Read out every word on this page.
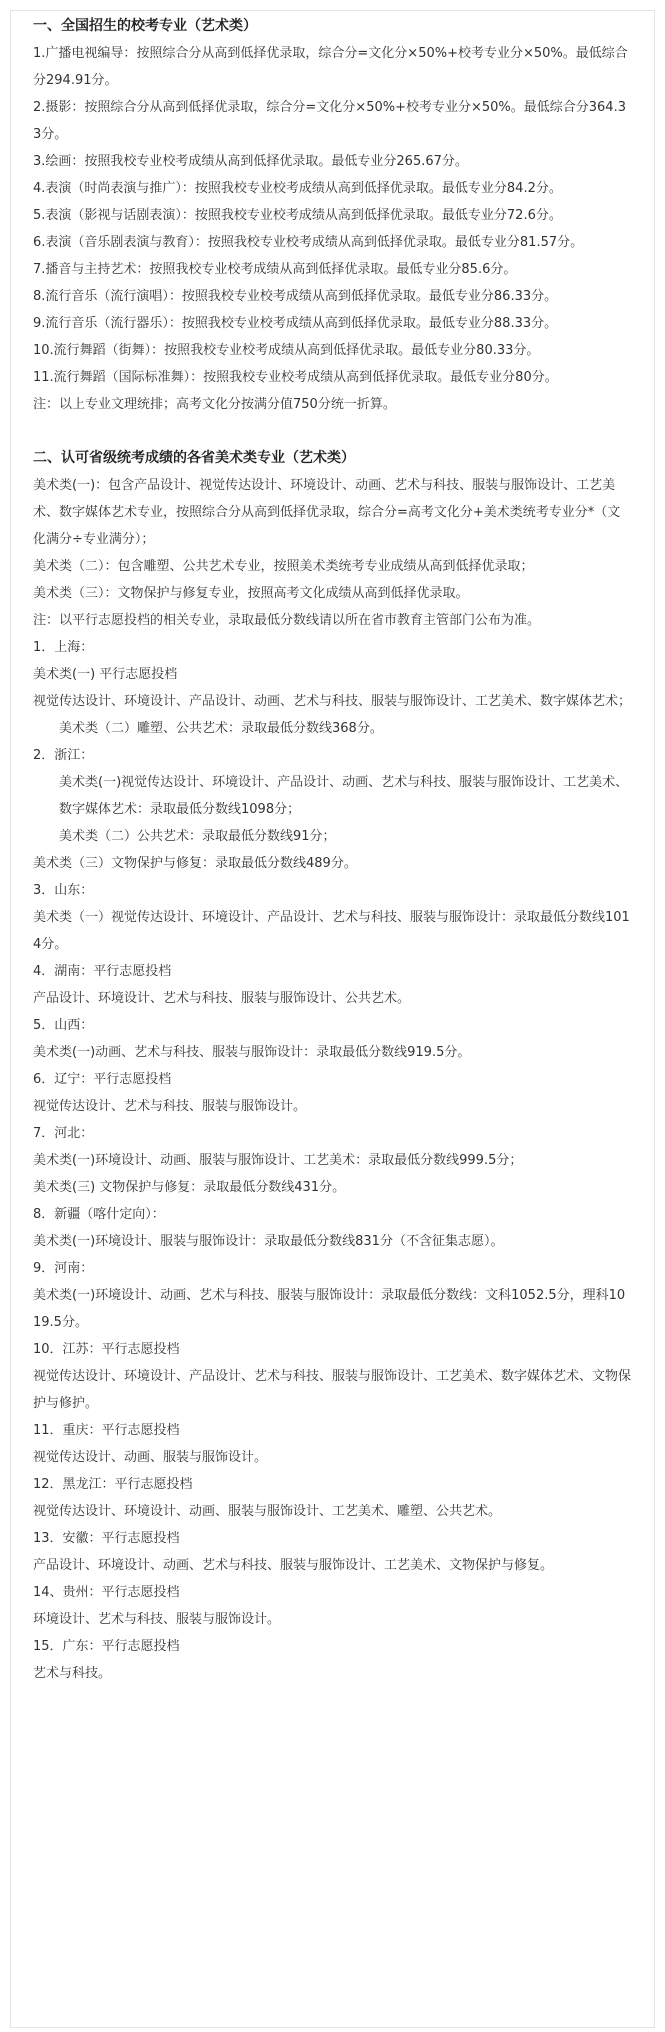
一、全国招生的校考专业（艺术类）

1.广播电视编导：按照综合分从高到低择优录取，综合分=文化分×50%+校考专业分×50%。最低综合分294.91分。

2.摄影：按照综合分从高到低择优录取，综合分=文化分×50%+校考专业分×50%。最低综合分364.33分。

3.绘画：按照我校专业校考成绩从高到低择优录取。最低专业分265.67分。

4.表演（时尚表演与推广）：按照我校专业校考成绩从高到低择优录取。最低专业分84.2分。

5.表演（影视与话剧表演）：按照我校专业校考成绩从高到低择优录取。最低专业分72.6分。

6.表演（音乐剧表演与教育）：按照我校专业校考成绩从高到低择优录取。最低专业分81.57分。

7.播音与主持艺术：按照我校专业校考成绩从高到低择优录取。最低专业分85.6分。

8.流行音乐（流行演唱）：按照我校专业校考成绩从高到低择优录取。最低专业分86.33分。

9.流行音乐（流行器乐）：按照我校专业校考成绩从高到低择优录取。最低专业分88.33分。

10.流行舞蹈（街舞）：按照我校专业校考成绩从高到低择优录取。最低专业分80.33分。

11.流行舞蹈（国际标准舞）：按照我校专业校考成绩从高到低择优录取。最低专业分80分。

注：以上专业文理统排；高考文化分按满分值750分统一折算。

二、认可省级统考成绩的各省美术类专业（艺术类）

美术类(一)：包含产品设计、视觉传达设计、环境设计、动画、艺术与科技、服装与服饰设计、工艺美术、数字媒体艺术专业，按照综合分从高到低择优录取，综合分=高考文化分+美术类统考专业分*（文化满分÷专业满分）；

美术类（二）：包含雕塑、公共艺术专业，按照美术类统考专业成绩从高到低择优录取；

美术类（三）：文物保护与修复专业，按照高考文化成绩从高到低择优录取。

注：以平行志愿投档的相关专业，录取最低分数线请以所在省市教育主管部门公布为准。

1．上海：

美术类(一) 平行志愿投档

视觉传达设计、环境设计、产品设计、动画、艺术与科技、服装与服饰设计、工艺美术、数字媒体艺术；

美术类（二）雕塑、公共艺术：录取最低分数线368分。

2．浙江：

美术类(一)视觉传达设计、环境设计、产品设计、动画、艺术与科技、服装与服饰设计、工艺美术、数字媒体艺术：录取最低分数线1098分；

美术类（二）公共艺术：录取最低分数线91分；

美术类（三）文物保护与修复：录取最低分数线489分。

3．山东：

美术类（一）视觉传达设计、环境设计、产品设计、艺术与科技、服装与服饰设计：录取最低分数线1014分。

4．湖南：平行志愿投档

产品设计、环境设计、艺术与科技、服装与服饰设计、公共艺术。

5．山西：

美术类(一)动画、艺术与科技、服装与服饰设计：录取最低分数线919.5分。

6．辽宁：平行志愿投档

视觉传达设计、艺术与科技、服装与服饰设计。

7．河北：

美术类(一)环境设计、动画、服装与服饰设计、工艺美术：录取最低分数线999.5分；

美术类(三) 文物保护与修复：录取最低分数线431分。

8．新疆（喀什定向）：

美术类(一)环境设计、服装与服饰设计：录取最低分数线831分（不含征集志愿）。

9．河南：

美术类(一)环境设计、动画、艺术与科技、服装与服饰设计：录取最低分数线：文科1052.5分，理科1019.5分。

10．江苏：平行志愿投档

视觉传达设计、环境设计、产品设计、艺术与科技、服装与服饰设计、工艺美术、数字媒体艺术、文物保护与修护。

11．重庆：平行志愿投档

视觉传达设计、动画、服装与服饰设计。

12．黑龙江：平行志愿投档

视觉传达设计、环境设计、动画、服装与服饰设计、工艺美术、雕塑、公共艺术。

13．安徽：平行志愿投档

产品设计、环境设计、动画、艺术与科技、服装与服饰设计、工艺美术、文物保护与修复。

14、贵州：平行志愿投档

环境设计、艺术与科技、服装与服饰设计。

15．广东：平行志愿投档

艺术与科技。
